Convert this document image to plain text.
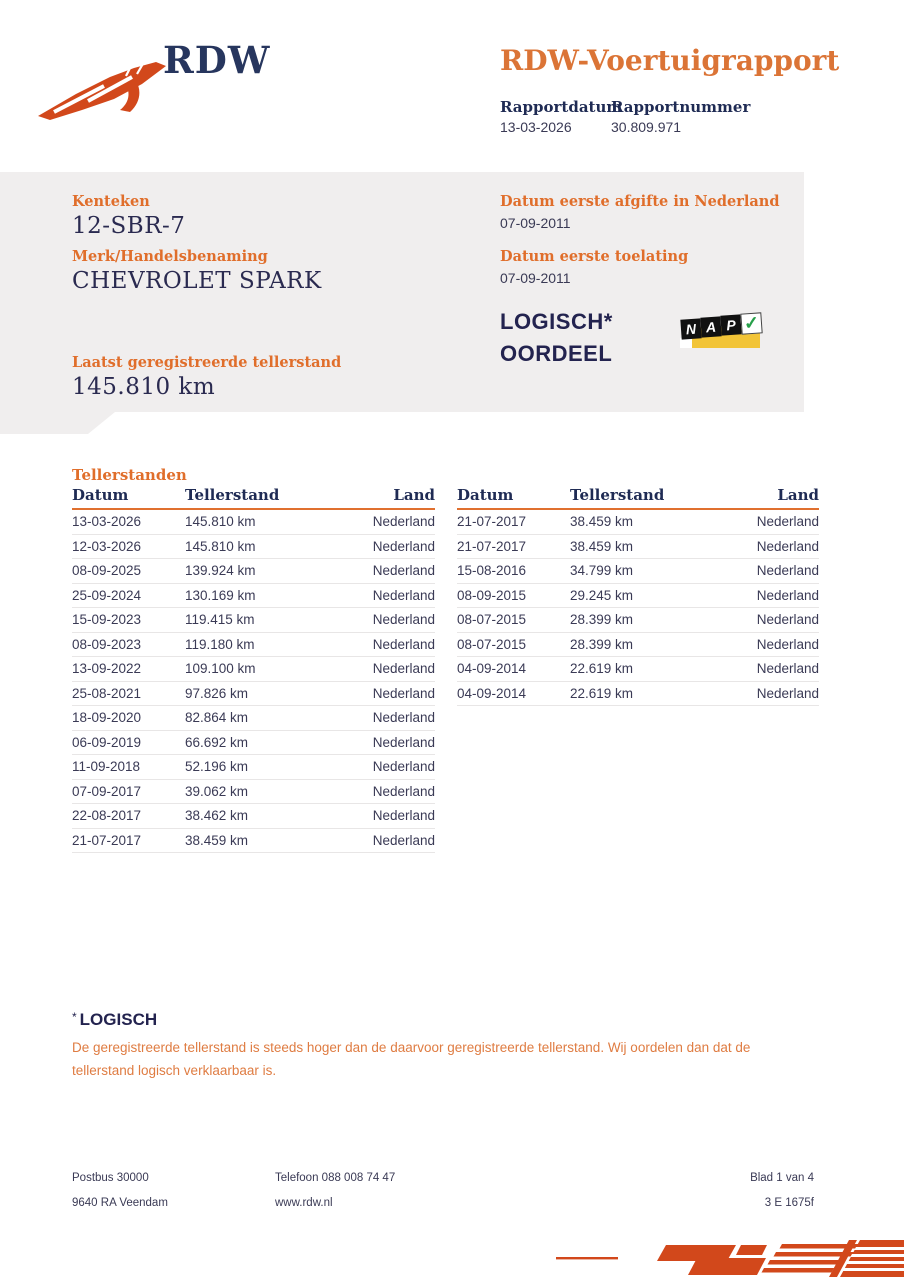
RDW	RDW-Voertuigrapport
Rapportdatum
Rapportnummer
13-03-2026	30.809.971
Kenteken
12-SBR-7
Merk/Handelsbenaming
CHEVROLET SPARK
Laatst geregistreerde tellerstand
145.810 km
Datum eerste afgifte in Nederland
07-09-2011
Datum eerste toelating
07-09-2011
LOGISCH*
OORDEEL
N A P ✓
Tellerstanden
Datum	Tellerstand	Land
13-03-2026	145.810 km	Nederland
12-03-2026	145.810 km	Nederland
08-09-2025	139.924 km	Nederland
25-09-2024	130.169 km	Nederland
15-09-2023	119.415 km	Nederland
08-09-2023	119.180 km	Nederland
13-09-2022	109.100 km	Nederland
25-08-2021	97.826 km	Nederland
18-09-2020	82.864 km	Nederland
06-09-2019	66.692 km	Nederland
11-09-2018	52.196 km	Nederland
07-09-2017	39.062 km	Nederland
22-08-2017	38.462 km	Nederland
21-07-2017	38.459 km	Nederland
Datum	Tellerstand	Land
21-07-2017	38.459 km	Nederland
21-07-2017	38.459 km	Nederland
15-08-2016	34.799 km	Nederland
08-09-2015	29.245 km	Nederland
08-07-2015	28.399 km	Nederland
08-07-2015	28.399 km	Nederland
04-09-2014	22.619 km	Nederland
04-09-2014	22.619 km	Nederland
* LOGISCH

De geregistreerde tellerstand is steeds hoger dan de daarvoor geregistreerde tellerstand. Wij oordelen dan dat de tellerstand logisch verklaarbaar is.

Postbus 30000
9640 RA Veendam
Telefoon 088 008 74 47
www.rdw.nl
Blad 1 van 4
3 E 1675f
